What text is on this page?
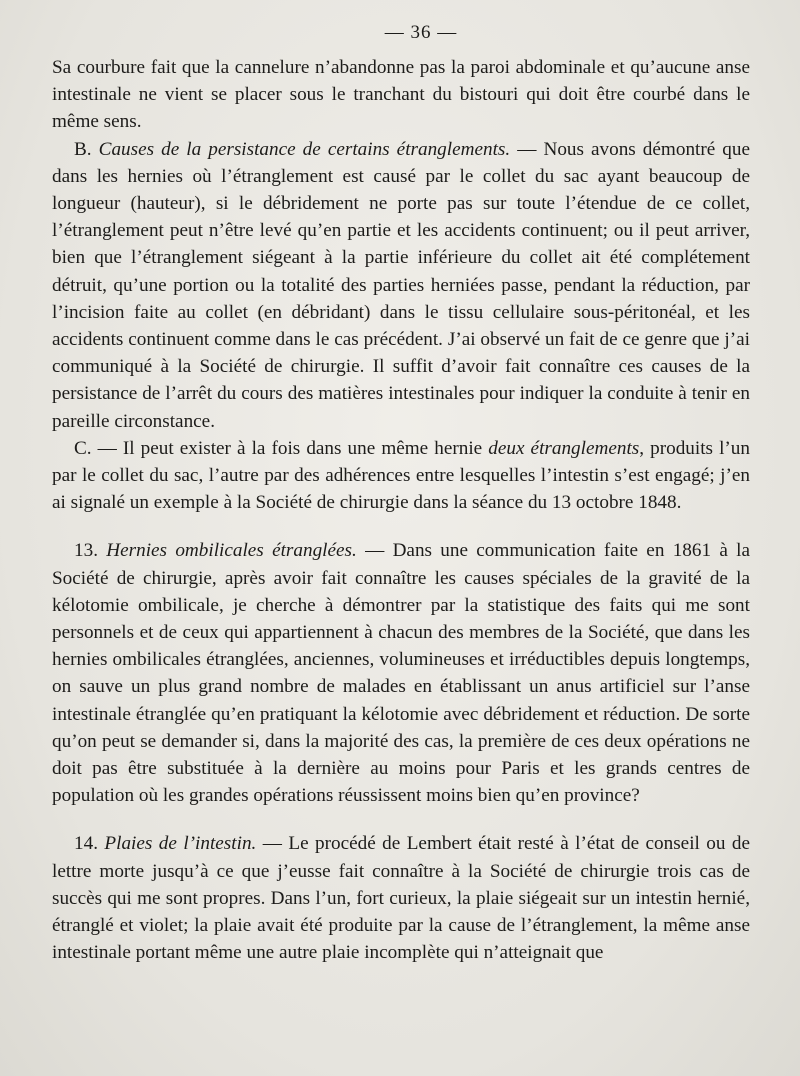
— 36 —

Sa courbure fait que la cannelure n’abandonne pas la paroi abdominale et qu’aucune anse intestinale ne vient se placer sous le tranchant du bistouri qui doit être courbé dans le même sens.

B. Causes de la persistance de certains étranglements. — Nous avons démontré que dans les hernies où l’étranglement est causé par le collet du sac ayant beaucoup de longueur (hauteur), si le débridement ne porte pas sur toute l’étendue de ce collet, l’étranglement peut n’être levé qu’en partie et les accidents continuent; ou il peut arriver, bien que l’étranglement siégeant à la partie inférieure du collet ait été complétement détruit, qu’une portion ou la totalité des parties herniées passe, pendant la réduction, par l’incision faite au collet (en débridant) dans le tissu cellulaire sous-péritonéal, et les accidents continuent comme dans le cas précédent. J’ai observé un fait de ce genre que j’ai communiqué à la Société de chirurgie. Il suffit d’avoir fait connaître ces causes de la persistance de l’arrêt du cours des matières intestinales pour indiquer la conduite à tenir en pareille circonstance.

C. — Il peut exister à la fois dans une même hernie deux étranglements, produits l’un par le collet du sac, l’autre par des adhérences entre lesquelles l’intestin s’est engagé; j’en ai signalé un exemple à la Société de chirurgie dans la séance du 13 octobre 1848.

13. Hernies ombilicales étranglées. — Dans une communication faite en 1861 à la Société de chirurgie, après avoir fait connaître les causes spéciales de la gravité de la kélotomie ombilicale, je cherche à démontrer par la statistique des faits qui me sont personnels et de ceux qui appartiennent à chacun des membres de la Société, que dans les hernies ombilicales étranglées, anciennes, volumineuses et irréductibles depuis longtemps, on sauve un plus grand nombre de malades en établissant un anus artificiel sur l’anse intestinale étranglée qu’en pratiquant la kélotomie avec débridement et réduction. De sorte qu’on peut se demander si, dans la majorité des cas, la première de ces deux opérations ne doit pas être substituée à la dernière au moins pour Paris et les grands centres de population où les grandes opérations réussissent moins bien qu’en province?

14. Plaies de l’intestin. — Le procédé de Lembert était resté à l’état de conseil ou de lettre morte jusqu’à ce que j’eusse fait connaître à la Société de chirurgie trois cas de succès qui me sont propres. Dans l’un, fort curieux, la plaie siégeait sur un intestin hernié, étranglé et violet; la plaie avait été produite par la cause de l’étranglement, la même anse intestinale portant même une autre plaie incomplète qui n’atteignait que
